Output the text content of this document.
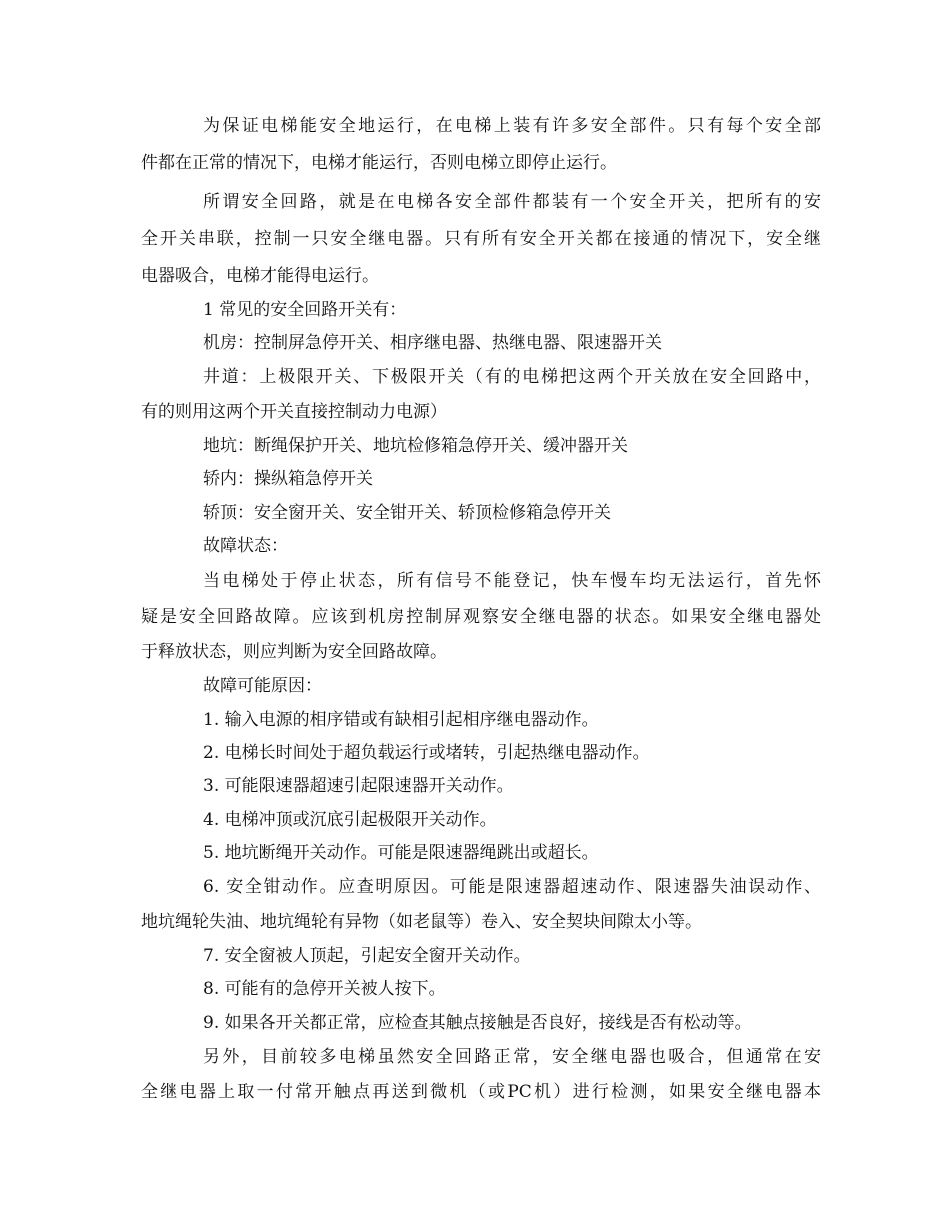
为保证电梯能安全地运行，在电梯上装有许多安全部件。只有每个安全部
件都在正常的情况下，电梯才能运行，否则电梯立即停止运行。
所谓安全回路，就是在电梯各安全部件都装有一个安全开关，把所有的安
全开关串联，控制一只安全继电器。只有所有安全开关都在接通的情况下，安全继
电器吸合，电梯才能得电运行。
1 常见的安全回路开关有：
机房：控制屏急停开关、相序继电器、热继电器、限速器开关
井道：上极限开关、下极限开关（有的电梯把这两个开关放在安全回路中，
有的则用这两个开关直接控制动力电源）
地坑：断绳保护开关、地坑检修箱急停开关、缓冲器开关
轿内：操纵箱急停开关
轿顶：安全窗开关、安全钳开关、轿顶检修箱急停开关
故障状态：
当电梯处于停止状态，所有信号不能登记，快车慢车均无法运行，首先怀
疑是安全回路故障。应该到机房控制屏观察安全继电器的状态。如果安全继电器处
于释放状态，则应判断为安全回路故障。
故障可能原因：
1. 输入电源的相序错或有缺相引起相序继电器动作。
2. 电梯长时间处于超负载运行或堵转，引起热继电器动作。
3. 可能限速器超速引起限速器开关动作。
4. 电梯冲顶或沉底引起极限开关动作。
5. 地坑断绳开关动作。可能是限速器绳跳出或超长。
6. 安全钳动作。应查明原因。可能是限速器超速动作、限速器失油误动作、
地坑绳轮失油、地坑绳轮有异物（如老鼠等）卷入、安全契块间隙太小等。
7. 安全窗被人顶起，引起安全窗开关动作。
8. 可能有的急停开关被人按下。
9. 如果各开关都正常，应检查其触点接触是否良好，接线是否有松动等。
另外，目前较多电梯虽然安全回路正常，安全继电器也吸合，但通常在安
全继电器上取一付常开触点再送到微机（或PC机）进行检测，如果安全继电器本
